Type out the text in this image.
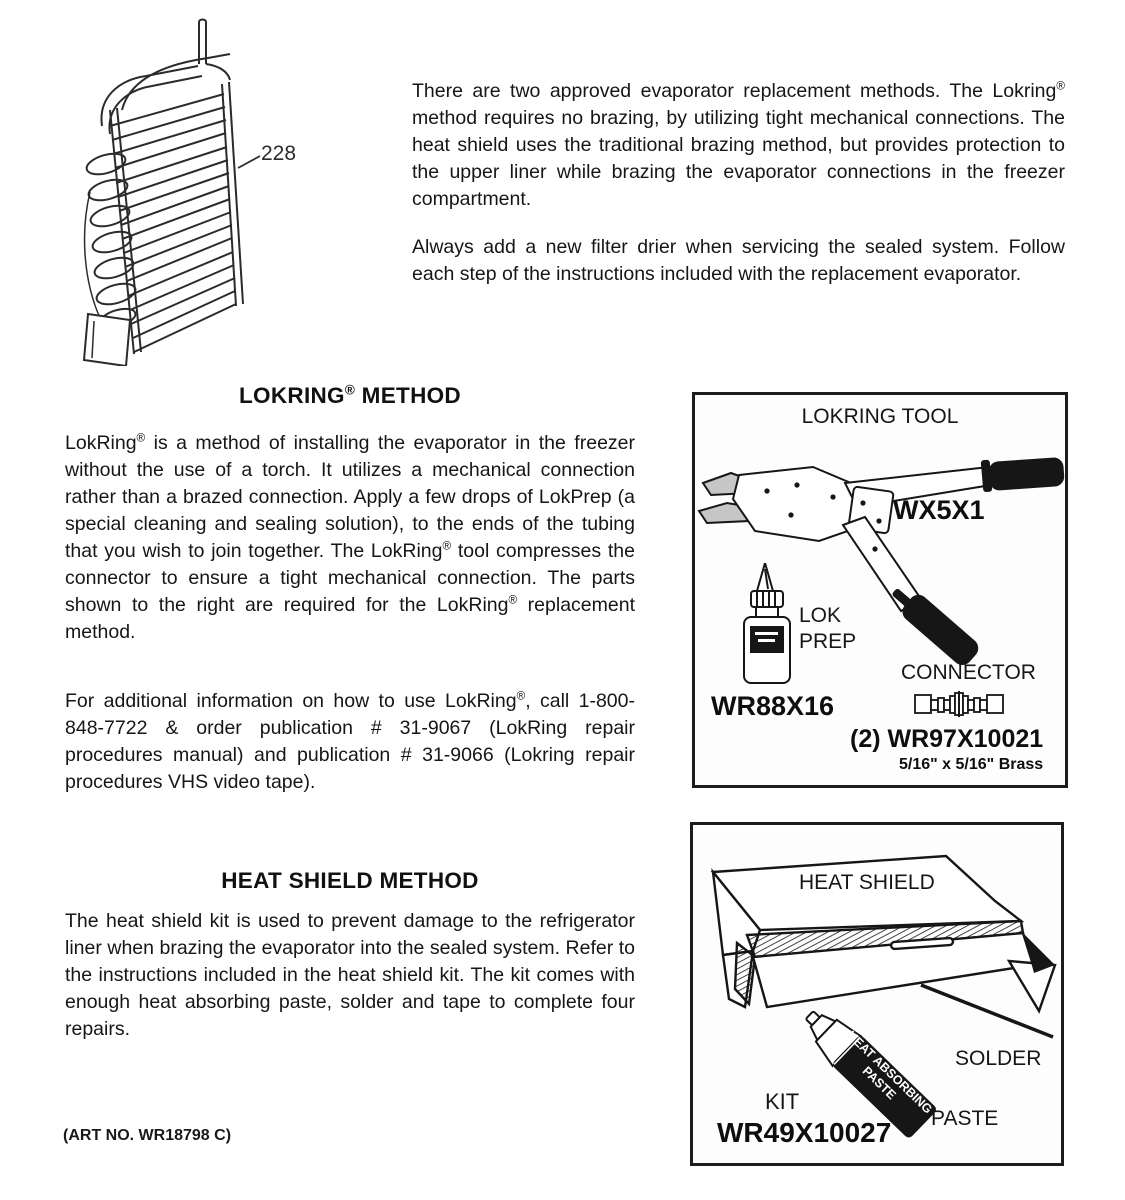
228

There are two approved evaporator replacement methods. The Lokring® method requires no brazing, by utilizing tight mechanical connections. The heat shield uses the traditional brazing method, but provides protection to the upper liner while brazing the evaporator connections in the freezer compartment.

Always add a new filter drier when servicing the sealed system. Follow each step of the instructions included with the replacement evaporator.

LOKRING® METHOD

LokRing® is a method of installing the evaporator in the freezer without the use of a torch. It utilizes a mechanical connection rather than a brazed connection. Apply a few drops of LokPrep (a special cleaning and sealing solution), to the ends of the tubing that you wish to join together. The LokRing® tool compresses the connector to ensure a tight mechanical connection. The parts shown to the right are required for the LokRing® replacement method.

For additional information on how to use LokRing®, call 1-800-848-7722 & order publication # 31-9067 (LokRing repair procedures manual) and publication # 31-9066 (Lokring repair procedures VHS video tape).

HEAT SHIELD METHOD

The heat shield kit is used to prevent damage to the refrigerator liner when brazing the evaporator into the sealed system. Refer to the instructions included in the heat shield kit. The kit comes with enough heat absorbing paste, solder and tape to complete four repairs.

LOKRING TOOL
WX5X1
LOK PREP
WR88X16
CONNECTOR
(2) WR97X10021
5/16" x 5/16" Brass
HEAT SHIELD
HEAT ABSORBING PASTE
SOLDER
KIT
WR49X10027 PASTE
(ART NO. WR18798 C)
